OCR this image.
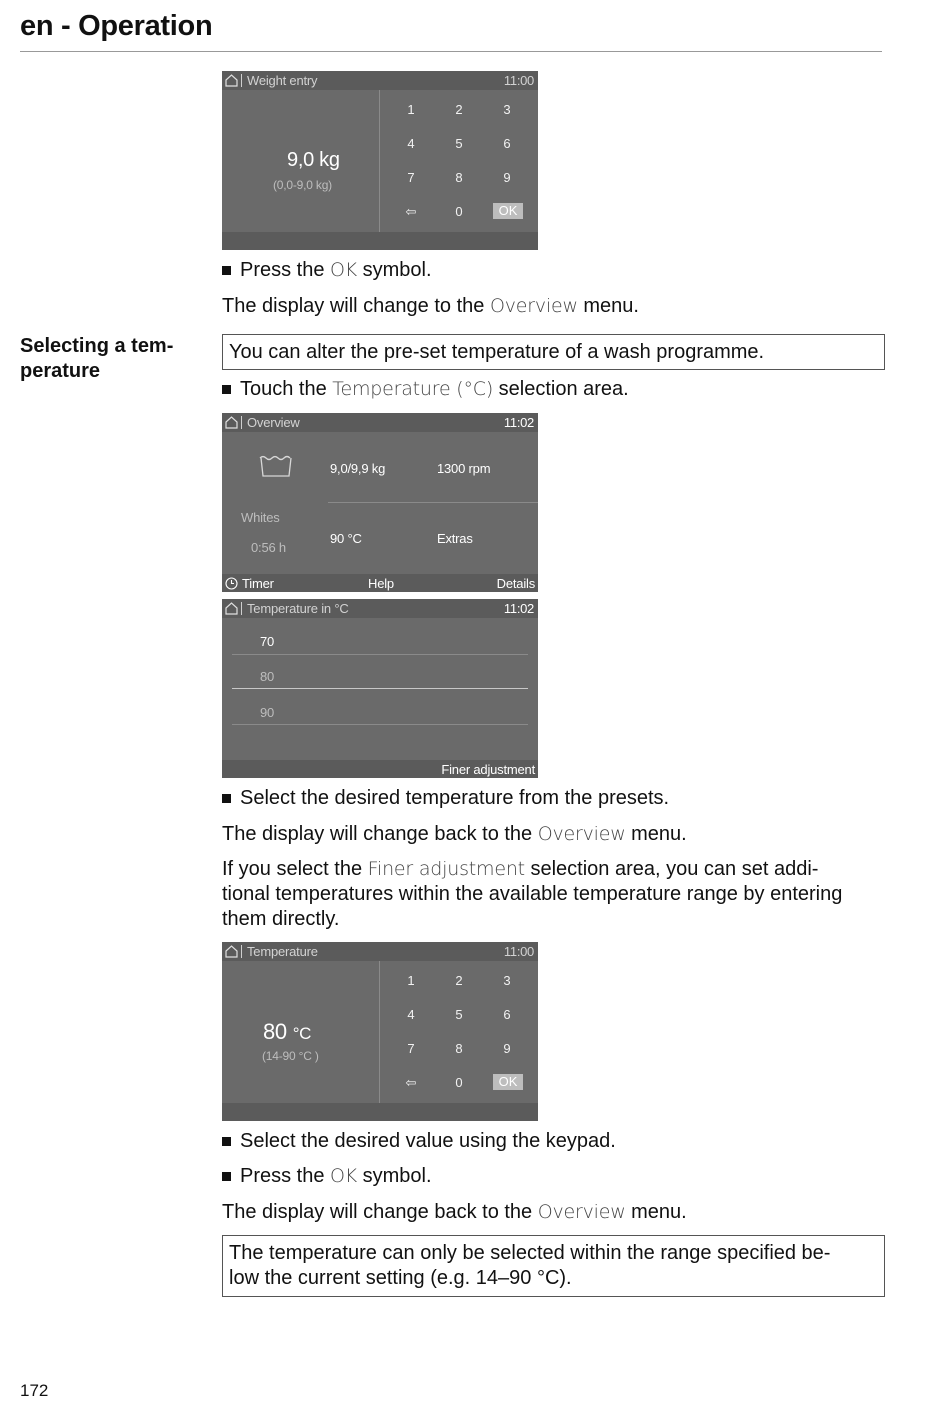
en - Operation
Weight entry	11:00
9,0 kg
(0,0-9,0 kg)
1	2	3
4	5	6
7	8	9
⇦	0	OK
Press the OK symbol.
The display will change to the Overview menu.
Selecting a tem-
perature
You can alter the pre-set temperature of a wash programme.
Touch the Temperature (°C) selection area.
Overview	11:02
Whites
0:56 h
9,0/9,9 kg	1300 rpm
90 °C	Extras
Timer	Help	Details
Temperature in °C	11:02
70
80
90
Finer adjustment
Select the desired temperature from the presets.
The display will change back to the Overview menu.
If you select the Finer adjustment selection area, you can set addi-
tional temperatures within the available temperature range by entering
them directly.
Temperature	11:00
80 °C
(14-90 °C )
1	2	3
4	5	6
7	8	9
⇦	0	OK
Select the desired value using the keypad.
Press the OK symbol.
The display will change back to the Overview menu.
The temperature can only be selected within the range specified be-
low the current setting (e.g. 14–90 °C).
172
